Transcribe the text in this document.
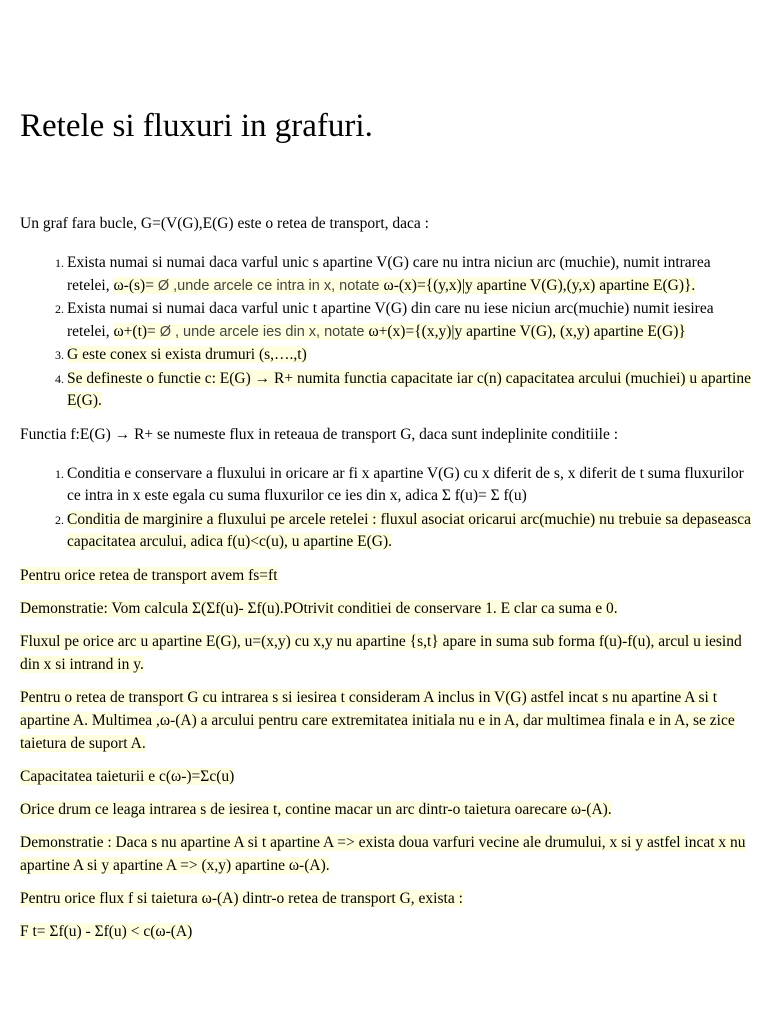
Retele si fluxuri in grafuri.

Un graf fara bucle, G=(V(G),E(G) este o retea de transport, daca :

1. Exista numai si numai daca varful unic s apartine V(G) care nu intra niciun arc (muchie), numit intrarea retelei, ω-(s)= Ø ,unde arcele ce intra in x, notate ω-(x)={(y,x)|y apartine V(G),(y,x) apartine E(G)}.
2. Exista numai si numai daca varful unic t apartine V(G) din care nu iese niciun arc(muchie) numit iesirea retelei, ω+(t)= Ø , unde arcele ies din x, notate ω+(x)={(x,y)|y apartine V(G), (x,y) apartine E(G)}
3. G este conex si exista drumuri (s,….,t)
4. Se defineste o functie c: E(G) → R+ numita functia capacitate iar c(n) capacitatea arcului (muchiei) u apartine E(G).

Functia f:E(G) → R+ se numeste flux in reteaua de transport G, daca sunt indeplinite conditiile :

1. Conditia e conservare a fluxului in oricare ar fi x apartine V(G) cu x diferit de s, x diferit de t suma fluxurilor ce intra in x este egala cu suma fluxurilor ce ies din x, adica Σ f(u)= Σ f(u)
2. Conditia de marginire a fluxului pe arcele retelei : fluxul asociat oricarui arc(muchie) nu trebuie sa depaseasca capacitatea arcului, adica f(u)<c(u), u apartine E(G).

Pentru orice retea de transport avem fs=ft

Demonstratie: Vom calcula Σ(Σf(u)- Σf(u).POtrivit conditiei de conservare 1. E clar ca suma e 0.

Fluxul pe orice arc u apartine E(G), u=(x,y) cu x,y nu apartine {s,t} apare in suma sub forma f(u)-f(u), arcul u iesind din x si intrand in y.

Pentru o retea de transport G cu intrarea s si iesirea t consideram A inclus in V(G) astfel incat s nu apartine A si t apartine A. Multimea ,ω-(A) a arcului pentru care extremitatea initiala nu e in A, dar multimea finala e in A, se zice taietura de suport A.

Capacitatea taieturii e c(ω-)=Σc(u)

Orice drum ce leaga intrarea s de iesirea t, contine macar un arc dintr-o taietura oarecare ω-(A).

Demonstratie : Daca s nu apartine A si t apartine A => exista doua varfuri vecine ale drumului, x si y astfel incat x nu apartine A si y apartine A => (x,y) apartine ω-(A).

Pentru orice flux f si taietura ω-(A) dintr-o retea de transport G, exista :

F t= Σf(u) - Σf(u) < c(ω-(A)
